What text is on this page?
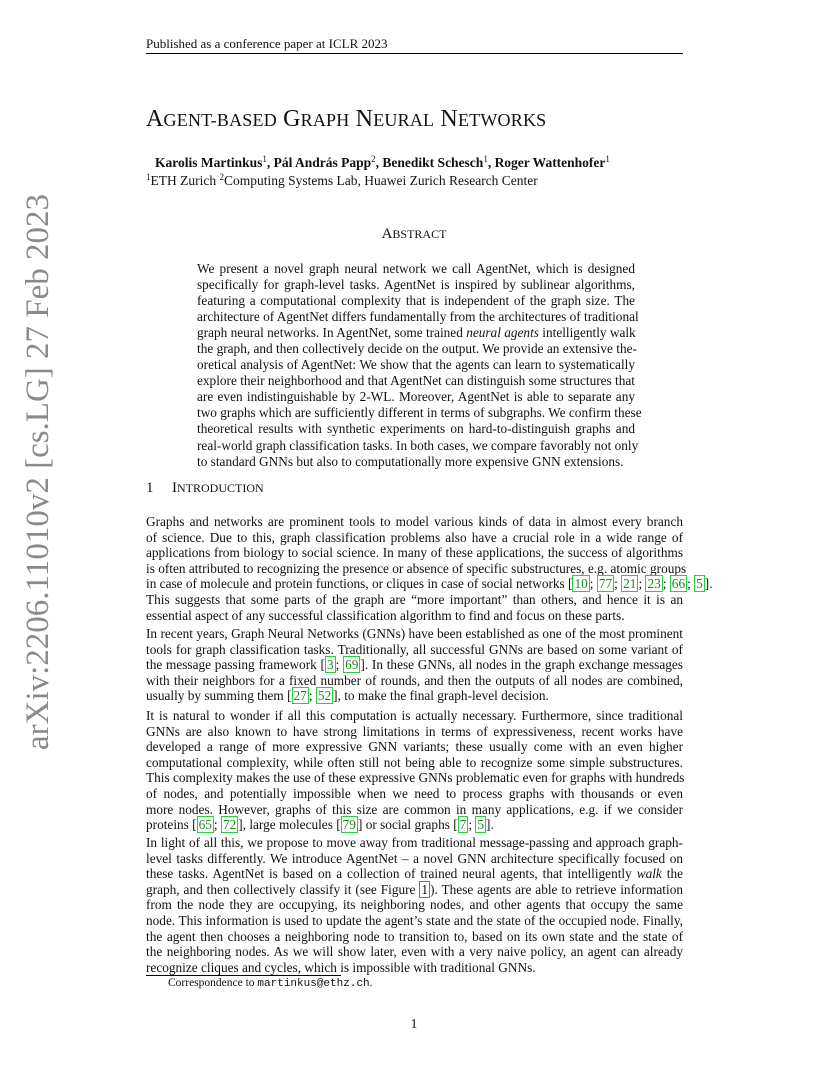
arXiv:2206.11010v2 [cs.LG] 27 Feb 2023
Published as a conference paper at ICLR 2023
AGENT-BASED GRAPH NEURAL NETWORKS
Karolis Martinkus$^1$, Pál András Papp$^2$, Benedikt Schesch$^1$, Roger Wattenhofer$^1$
$^1$ETH Zurich $^2$Computing Systems Lab, Huawei Zurich Research Center
ABSTRACT
We present a novel graph neural network we call AgentNet, which is designed
specifically for graph-level tasks. AgentNet is inspired by sublinear algorithms,
featuring a computational complexity that is independent of the graph size. The
architecture of AgentNet differs fundamentally from the architectures of traditional
graph neural networks. In AgentNet, some trained neural agents intelligently walk
the graph, and then collectively decide on the output. We provide an extensive the-
oretical analysis of AgentNet: We show that the agents can learn to systematically
explore their neighborhood and that AgentNet can distinguish some structures that
are even indistinguishable by 2-WL. Moreover, AgentNet is able to separate any
two graphs which are sufficiently different in terms of subgraphs. We confirm these
theoretical results with synthetic experiments on hard-to-distinguish graphs and
real-world graph classification tasks. In both cases, we compare favorably not only
to standard GNNs but also to computationally more expensive GNN extensions.
1 INTRODUCTION
Graphs and networks are prominent tools to model various kinds of data in almost every branch
of science. Due to this, graph classification problems also have a crucial role in a wide range of
applications from biology to social science. In many of these applications, the success of algorithms
is often attributed to recognizing the presence or absence of specific substructures, e.g. atomic groups
in case of molecule and protein functions, or cliques in case of social networks [ 10 ; 77 ; 21 ; 23 ; 66 ; 5 ].
This suggests that some parts of the graph are “more important” than others, and hence it is an
essential aspect of any successful classification algorithm to find and focus on these parts.
In recent years, Graph Neural Networks (GNNs) have been established as one of the most prominent
tools for graph classification tasks. Traditionally, all successful GNNs are based on some variant of
the message passing framework [ 3 ; 69 ]. In these GNNs, all nodes in the graph exchange messages
with their neighbors for a fixed number of rounds, and then the outputs of all nodes are combined,
usually by summing them [ 27 ; 52 ], to make the final graph-level decision.
It is natural to wonder if all this computation is actually necessary. Furthermore, since traditional
GNNs are also known to have strong limitations in terms of expressiveness, recent works have
developed a range of more expressive GNN variants; these usually come with an even higher
computational complexity, while often still not being able to recognize some simple substructures.
This complexity makes the use of these expressive GNNs problematic even for graphs with hundreds
of nodes, and potentially impossible when we need to process graphs with thousands or even
more nodes. However, graphs of this size are common in many applications, e.g. if we consider
proteins [ 65 ; 72 ], large molecules [ 79 ] or social graphs [ 7 ; 5 ].
In light of all this, we propose to move away from traditional message-passing and approach graph-
level tasks differently. We introduce AgentNet – a novel GNN architecture specifically focused on
these tasks. AgentNet is based on a collection of trained neural agents, that intelligently walk the
graph, and then collectively classify it (see Figure 1 ). These agents are able to retrieve information
from the node they are occupying, its neighboring nodes, and other agents that occupy the same
node. This information is used to update the agent’s state and the state of the occupied node. Finally,
the agent then chooses a neighboring node to transition to, based on its own state and the state of
the neighboring nodes. As we will show later, even with a very naive policy, an agent can already
recognize cliques and cycles, which is impossible with traditional GNNs.
Correspondence to martinkus@ethz.ch.
1
